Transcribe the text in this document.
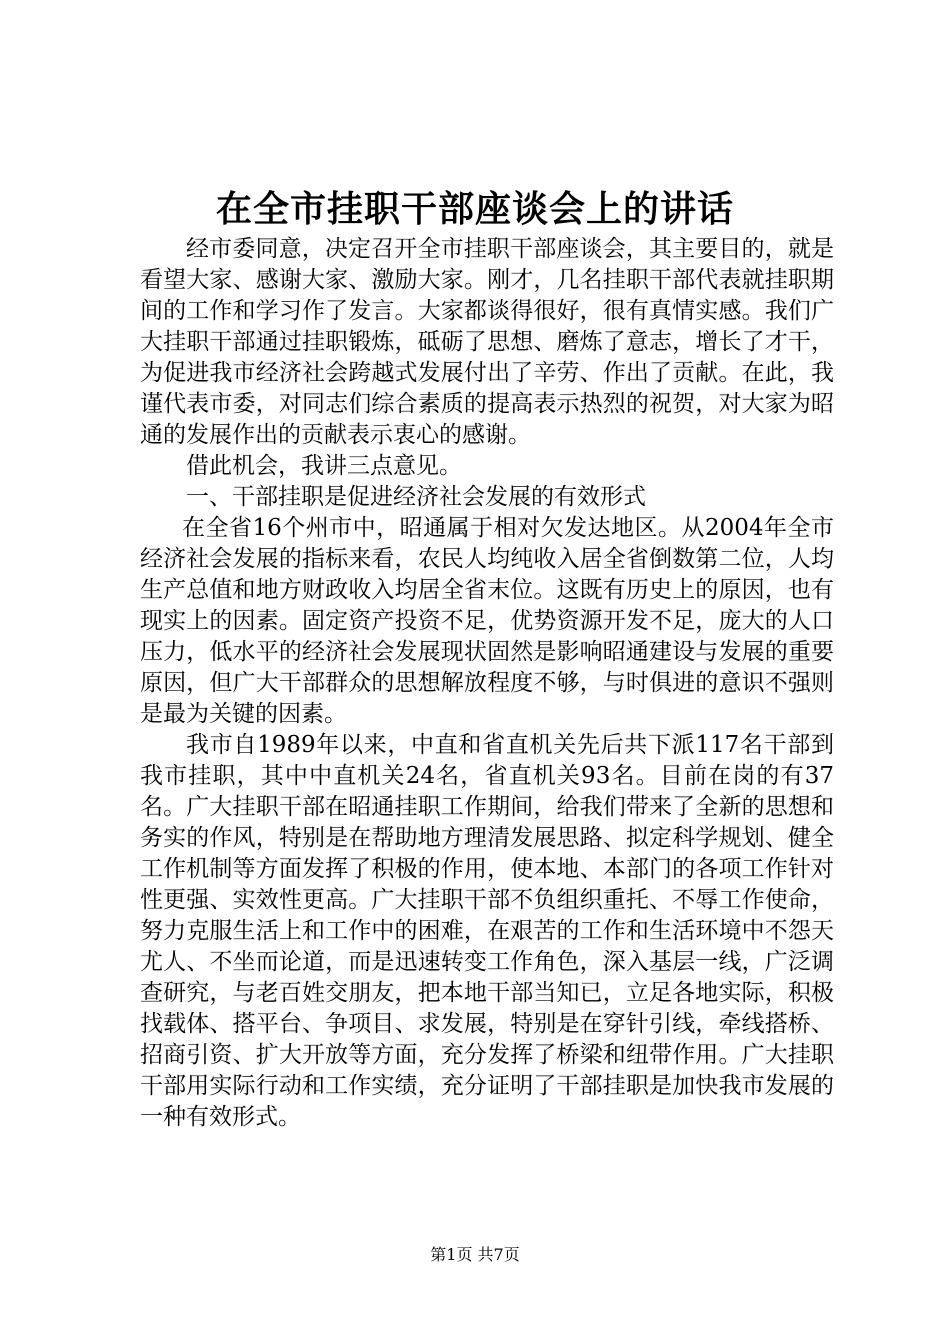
在全市挂职干部座谈会上的讲话

经市委同意，决定召开全市挂职干部座谈会，其主要目的，就是看望大家、感谢大家、激励大家。刚才，几名挂职干部代表就挂职期间的工作和学习作了发言。大家都谈得很好，很有真情实感。我们广大挂职干部通过挂职锻炼，砥砺了思想、磨炼了意志，增长了才干，为促进我市经济社会跨越式发展付出了辛劳、作出了贡献。在此，我谨代表市委，对同志们综合素质的提高表示热烈的祝贺，对大家为昭通的发展作出的贡献表示衷心的感谢。

借此机会，我讲三点意见。

一、干部挂职是促进经济社会发展的有效形式

在全省16个州市中，昭通属于相对欠发达地区。从2004年全市经济社会发展的指标来看，农民人均纯收入居全省倒数第二位，人均生产总值和地方财政收入均居全省末位。这既有历史上的原因，也有现实上的因素。固定资产投资不足，优势资源开发不足，庞大的人口压力，低水平的经济社会发展现状固然是影响昭通建设与发展的重要原因，但广大干部群众的思想解放程度不够，与时俱进的意识不强则是最为关键的因素。

我市自1989年以来，中直和省直机关先后共下派117名干部到我市挂职，其中中直机关24名，省直机关93名。目前在岗的有37名。广大挂职干部在昭通挂职工作期间，给我们带来了全新的思想和务实的作风，特别是在帮助地方理清发展思路、拟定科学规划、健全工作机制等方面发挥了积极的作用，使本地、本部门的各项工作针对性更强、实效性更高。广大挂职干部不负组织重托、不辱工作使命，努力克服生活上和工作中的困难，在艰苦的工作和生活环境中不怨天尤人、不坐而论道，而是迅速转变工作角色，深入基层一线，广泛调查研究，与老百姓交朋友，把本地干部当知已，立足各地实际，积极找载体、搭平台、争项目、求发展，特别是在穿针引线，牵线搭桥、招商引资、扩大开放等方面，充分发挥了桥梁和纽带作用。广大挂职干部用实际行动和工作实绩，充分证明了干部挂职是加快我市发展的一种有效形式。

第1页 共7页
